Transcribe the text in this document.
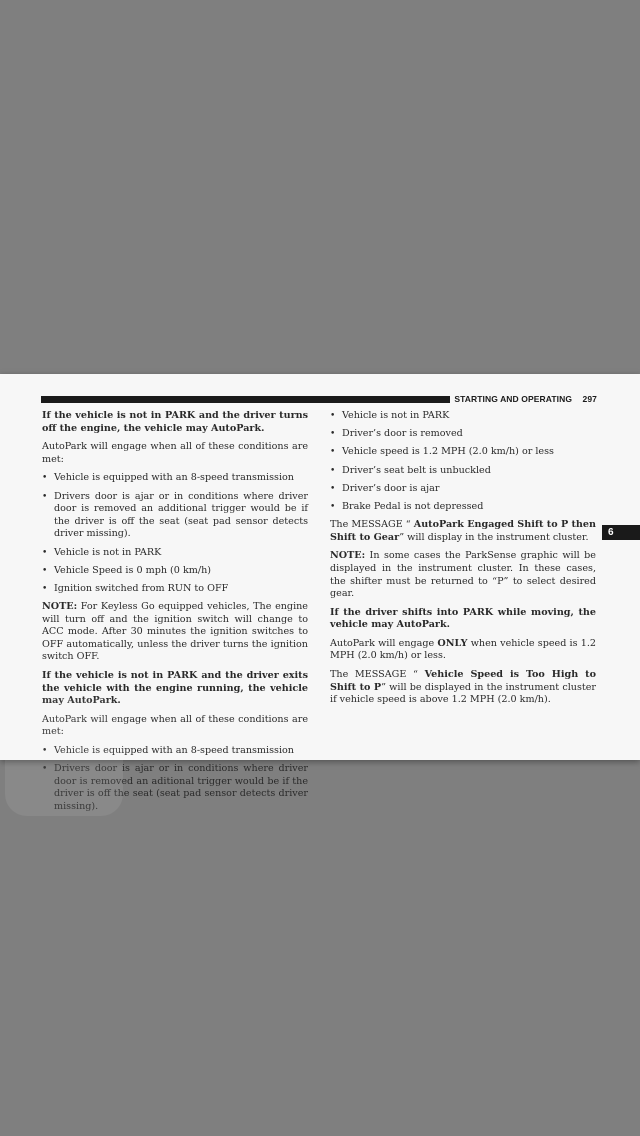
STARTING AND OPERATING 297
6

If the vehicle is not in PARK and the driver turns off the engine, the vehicle may AutoPark.

AutoPark will engage when all of these conditions are met:

• Vehicle is equipped with an 8-speed transmission
• Drivers door is ajar or in conditions where driver door is removed an additional trigger would be if the driver is off the seat (seat pad sensor detects driver missing).
• Vehicle is not in PARK
• Vehicle Speed is 0 mph (0 km/h)
• Ignition switched from RUN to OFF

NOTE: For Keyless Go equipped vehicles, The engine will turn off and the ignition switch will change to ACC mode. After 30 minutes the ignition switches to OFF automatically, unless the driver turns the ignition switch OFF.

If the vehicle is not in PARK and the driver exits the vehicle with the engine running, the vehicle may AutoPark.

AutoPark will engage when all of these conditions are met:

• Vehicle is equipped with an 8-speed transmission
• Drivers door is ajar or in conditions where driver door is removed an aditional trigger would be if the driver is off the seat (seat pad sensor detects driver missing).
• Vehicle is not in PARK
• Driver’s door is removed
• Vehicle speed is 1.2 MPH (2.0 km/h) or less
• Driver’s seat belt is unbuckled
• Driver’s door is ajar
• Brake Pedal is not depressed

The MESSAGE “ AutoPark Engaged Shift to P then Shift to Gear” will display in the instrument cluster.

NOTE: In some cases the ParkSense graphic will be displayed in the instrument cluster. In these cases, the shifter must be returned to “P” to select desired gear.

If the driver shifts into PARK while moving, the vehicle may AutoPark.

AutoPark will engage ONLY when vehicle speed is 1.2 MPH (2.0 km/h) or less.

The MESSAGE “ Vehicle Speed is Too High to Shift to P” will be displayed in the instrument cluster if vehicle speed is above 1.2 MPH (2.0 km/h).
